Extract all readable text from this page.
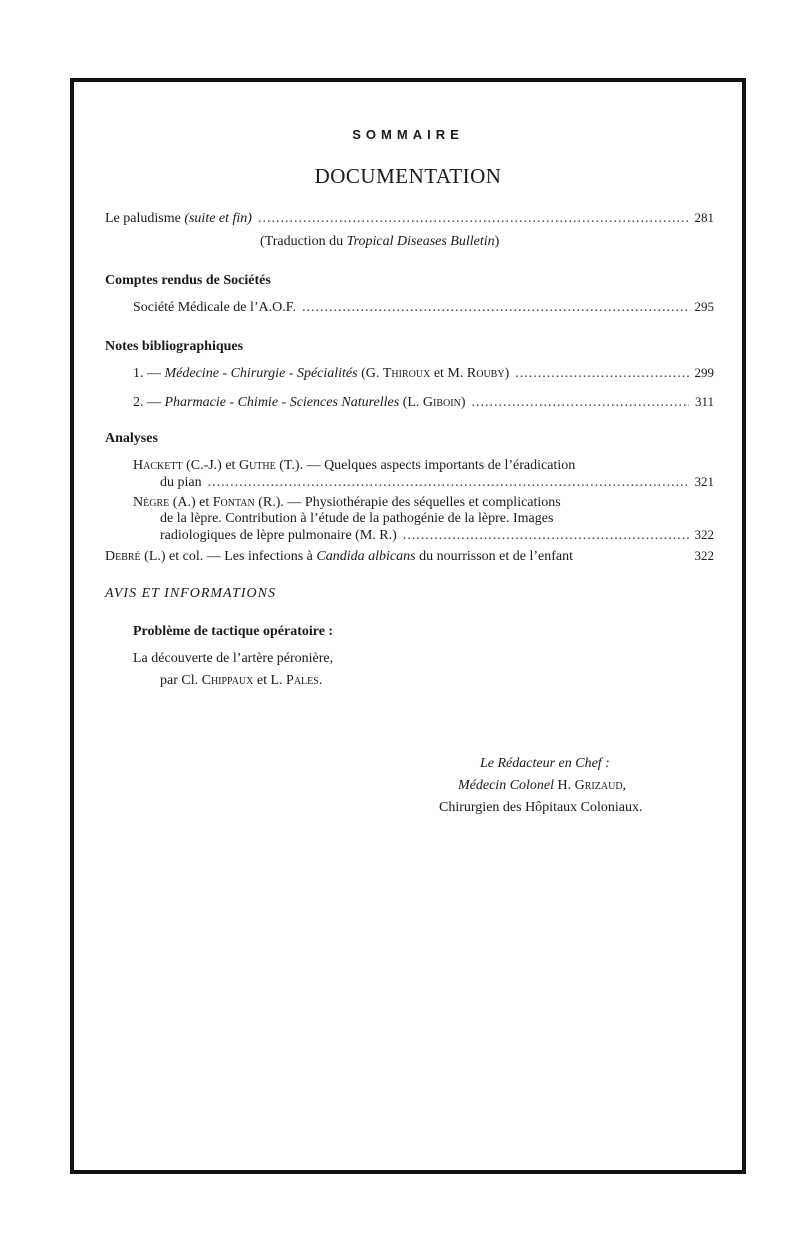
SOMMAIRE
DOCUMENTATION
Le paludisme (suite et fin) .....	281
(Traduction du Tropical Diseases Bulletin)
Comptes rendus de Sociétés
Société Médicale de l’A.O.F. .....	295
Notes bibliographiques
1. — Médecine - Chirurgie - Spécialités (G. Thiroux et M. Rouby) .....	299
2. — Pharmacie - Chimie - Sciences Naturelles (L. Giboin) .....	311
Analyses
Hackett (C.-J.) et Guthe (T.). — Quelques aspects importants de l’éradication
du pian .....	321
Nègre (A.) et Fontan (R.). — Physiothérapie des séquelles et complications
de la lèpre. Contribution à l’étude de la pathogénie de la lèpre. Images
radiologiques de lèpre pulmonaire (M. R.) .....	322
Debré (L.) et col. — Les infections à Candida albicans du nourrisson et de l’enfant	322
AVIS ET INFORMATIONS
Problème de tactique opératoire :
La découverte de l’artère péronière,
par Cl. Chippaux et L. Pales.
Le Rédacteur en Chef :
Médecin Colonel H. Grizaud,
Chirurgien des Hôpitaux Coloniaux.
